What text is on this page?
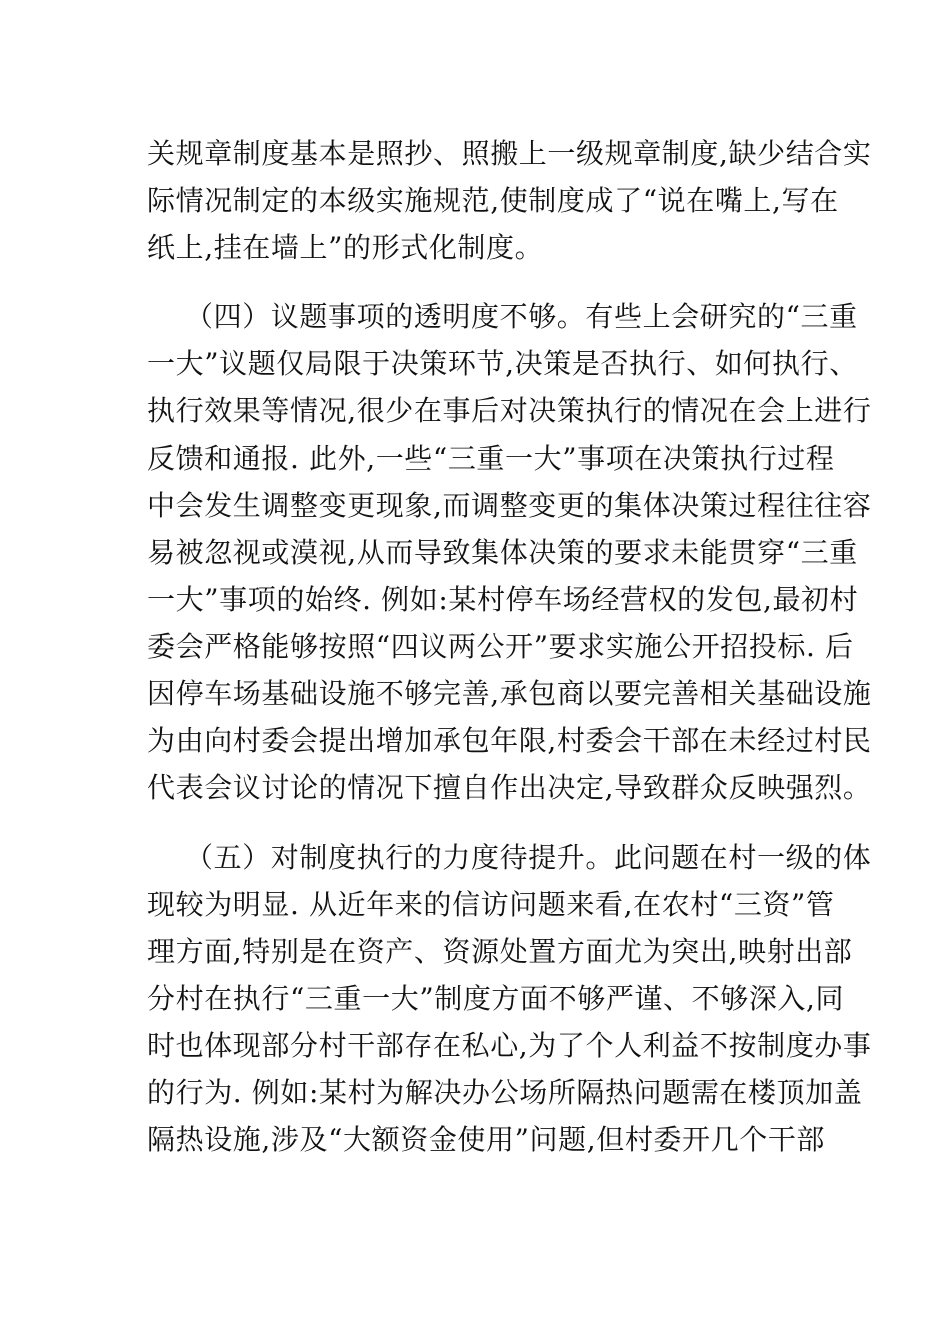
关规章制度基本是照抄、照搬上一级规章制度,缺少结合实
际情况制定的本级实施规范,使制度成了“说在嘴上,写在
纸上,挂在墙上”的形式化制度。
（四）议题事项的透明度不够。有些上会研究的“三重
一大”议题仅局限于决策环节,决策是否执行、如何执行、
执行效果等情况,很少在事后对决策执行的情况在会上进行
反馈和通报. 此外,一些“三重一大”事项在决策执行过程
中会发生调整变更现象,而调整变更的集体决策过程往往容
易被忽视或漠视,从而导致集体决策的要求未能贯穿“三重
一大”事项的始终. 例如:某村停车场经营权的发包,最初村
委会严格能够按照“四议两公开”要求实施公开招投标. 后
因停车场基础设施不够完善,承包商以要完善相关基础设施
为由向村委会提出增加承包年限,村委会干部在未经过村民
代表会议讨论的情况下擅自作出决定,导致群众反映强烈。
（五）对制度执行的力度待提升。此问题在村一级的体
现较为明显. 从近年来的信访问题来看,在农村“三资”管
理方面,特别是在资产、资源处置方面尤为突出,映射出部
分村在执行“三重一大”制度方面不够严谨、不够深入,同
时也体现部分村干部存在私心,为了个人利益不按制度办事
的行为. 例如:某村为解决办公场所隔热问题需在楼顶加盖
隔热设施,涉及“大额资金使用”问题,但村委开几个干部
